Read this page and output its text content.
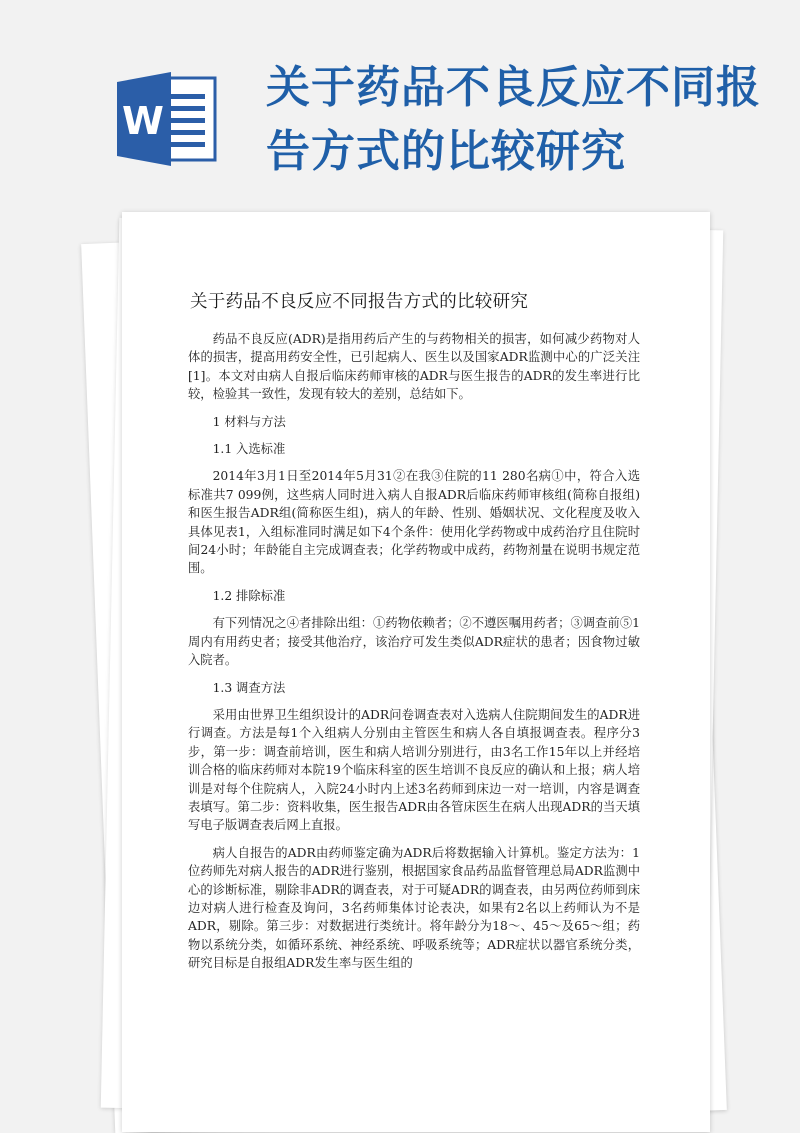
W
关于药品不良反应不同报告方式的比较研究
关于药品不良反应不同报告方式的比较研究

药品不良反应(ADR)是指用药后产生的与药物相关的损害，如何减少药物对人体的损害，提高用药安全性，已引起病人、医生以及国家ADR监测中心的广泛关注[1]。本文对由病人自报后临床药师审核的ADR与医生报告的ADR的发生率进行比较，检验其一致性，发现有较大的差别，总结如下。

1 材料与方法
1.1 入选标准

2014年3月1日至2014年5月31②在我③住院的11 280名病①中，符合入选标准共7 099例，这些病人同时进入病人自报ADR后临床药师审核组(简称自报组)和医生报告ADR组(简称医生组)，病人的年龄、性别、婚姻状况、文化程度及收入具体见表1，入组标准同时满足如下4个条件：使用化学药物或中成药治疗且住院时间24小时；年龄能自主完成调查表；化学药物或中成药，药物剂量在说明书规定范围。

1.2 排除标准

有下列情况之④者排除出组：①药物依赖者；②不遵医嘱用药者；③调查前⑤1周内有用药史者；接受其他治疗，该治疗可发生类似ADR症状的患者；因食物过敏入院者。

1.3 调查方法

采用由世界卫生组织设计的ADR问卷调查表对入选病人住院期间发生的ADR进行调查。方法是每1个入组病人分别由主管医生和病人各自填报调查表。程序分3步，第一步：调查前培训，医生和病人培训分别进行，由3名工作15年以上并经培训合格的临床药师对本院19个临床科室的医生培训不良反应的确认和上报；病人培训是对每个住院病人，入院24小时内上述3名药师到床边一对一培训，内容是调查表填写。第二步：资料收集，医生报告ADR由各管床医生在病人出现ADR的当天填写电子版调查表后网上直报。

病人自报告的ADR由药师鉴定确为ADR后将数据输入计算机。鉴定方法为：1位药师先对病人报告的ADR进行鉴别，根据国家食品药品监督管理总局ADR监测中心的诊断标准，剔除非ADR的调查表，对于可疑ADR的调查表，由另两位药师到床边对病人进行检查及询问，3名药师集体讨论表决，如果有2名以上药师认为不是ADR，剔除。第三步：对数据进行类统计。将年龄分为18～、45～及65～组；药物以系统分类，如循环系统、神经系统、呼吸系统等；ADR症状以器官系统分类，研究目标是自报组ADR发生率与医生组的
